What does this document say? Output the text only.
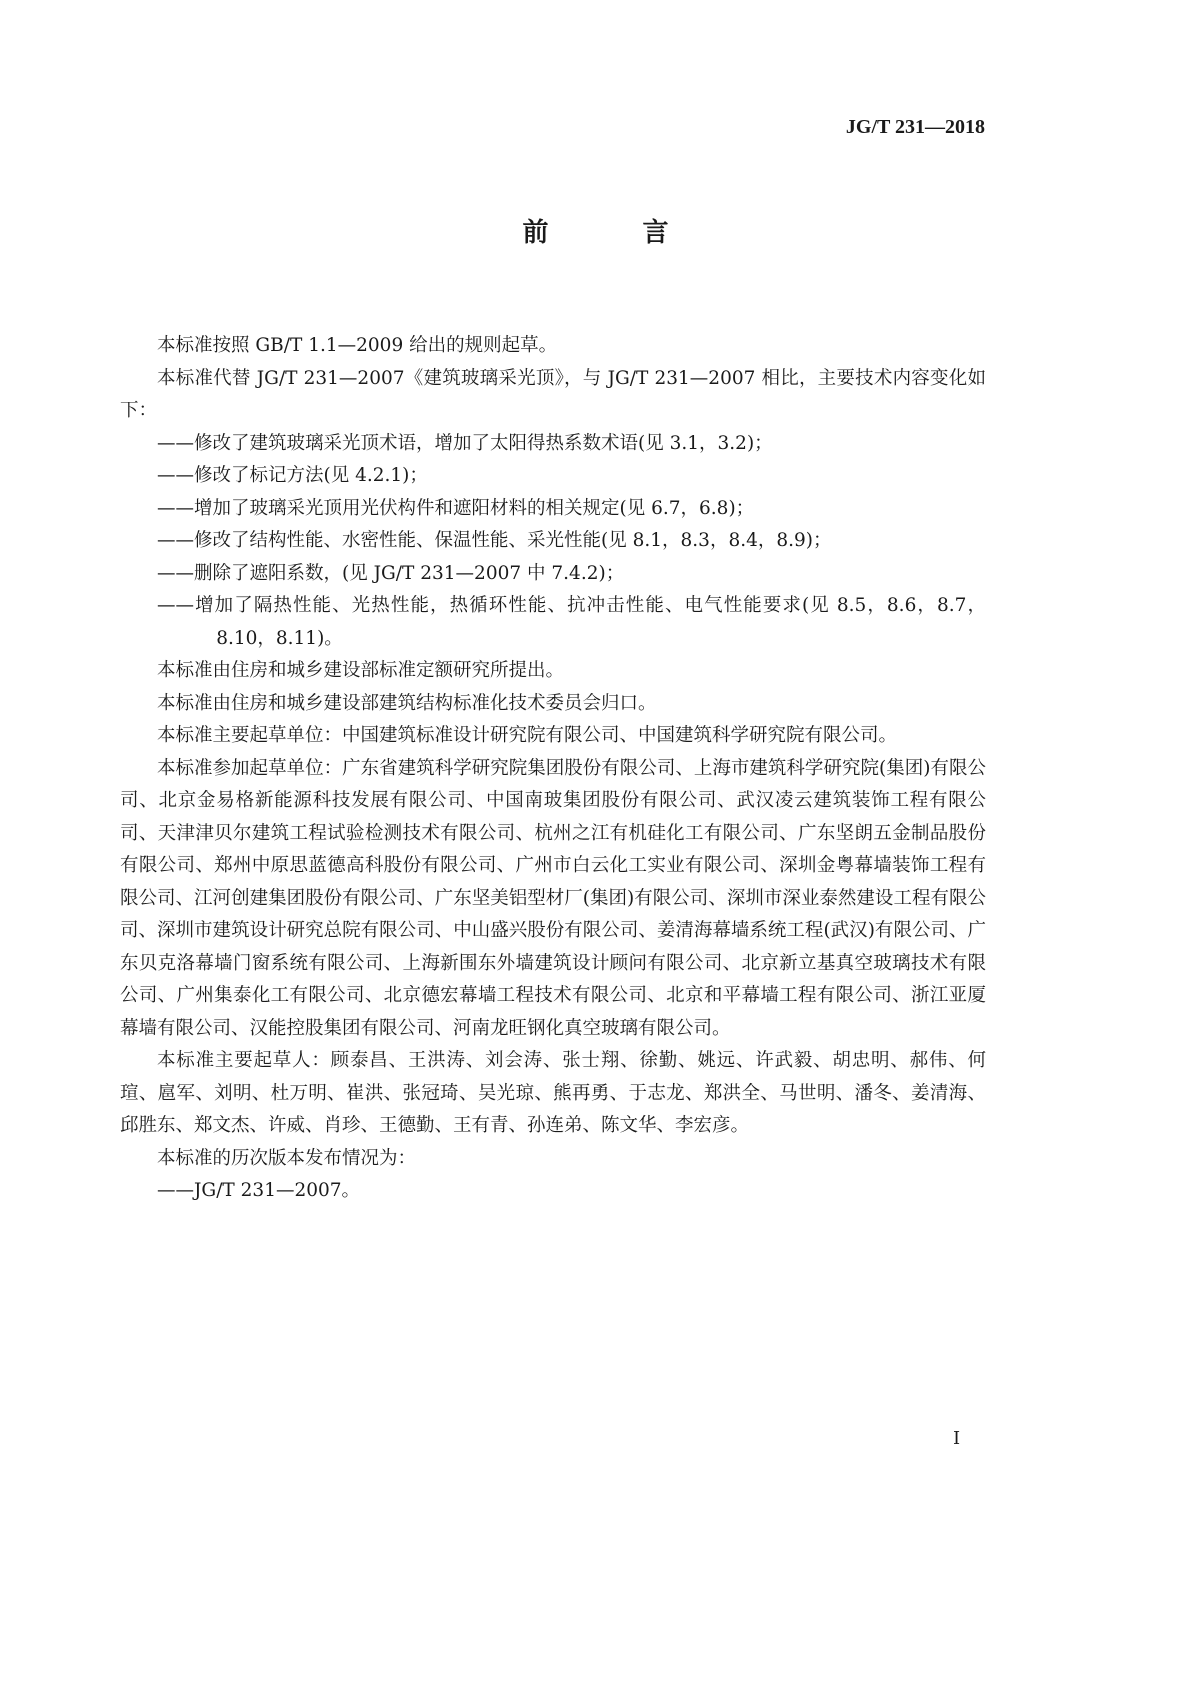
JG/T 231—2018
前　言

本标准按照 GB/T 1.1—2009 给出的规则起草。

本标准代替 JG/T 231—2007《建筑玻璃采光顶》，与 JG/T 231—2007 相比，主要技术内容变化如下：

——修改了建筑玻璃采光顶术语，增加了太阳得热系数术语(见 3.1，3.2)；

——修改了标记方法(见 4.2.1)；

——增加了玻璃采光顶用光伏构件和遮阳材料的相关规定(见 6.7，6.8)；

——修改了结构性能、水密性能、保温性能、采光性能(见 8.1，8.3，8.4，8.9)；

——删除了遮阳系数，(见 JG/T 231—2007 中 7.4.2)；

——增加了隔热性能、光热性能，热循环性能、抗冲击性能、电气性能要求(见 8.5，8.6，8.7，8.10，8.11)。

本标准由住房和城乡建设部标准定额研究所提出。

本标准由住房和城乡建设部建筑结构标准化技术委员会归口。

本标准主要起草单位：中国建筑标准设计研究院有限公司、中国建筑科学研究院有限公司。

本标准参加起草单位：广东省建筑科学研究院集团股份有限公司、上海市建筑科学研究院(集团)有限公司、北京金易格新能源科技发展有限公司、中国南玻集团股份有限公司、武汉凌云建筑装饰工程有限公司、天津津贝尔建筑工程试验检测技术有限公司、杭州之江有机硅化工有限公司、广东坚朗五金制品股份有限公司、郑州中原思蓝德高科股份有限公司、广州市白云化工实业有限公司、深圳金粤幕墙装饰工程有限公司、江河创建集团股份有限公司、广东坚美铝型材厂(集团)有限公司、深圳市深业泰然建设工程有限公司、深圳市建筑设计研究总院有限公司、中山盛兴股份有限公司、姜清海幕墙系统工程(武汉)有限公司、广东贝克洛幕墙门窗系统有限公司、上海新围东外墙建筑设计顾问有限公司、北京新立基真空玻璃技术有限公司、广州集泰化工有限公司、北京德宏幕墙工程技术有限公司、北京和平幕墙工程有限公司、浙江亚厦幕墙有限公司、汉能控股集团有限公司、河南龙旺钢化真空玻璃有限公司。

本标准主要起草人：顾泰昌、王洪涛、刘会涛、张士翔、徐勤、姚远、许武毅、胡忠明、郝伟、何瑄、扈军、刘明、杜万明、崔洪、张冠琦、吴光琼、熊再勇、于志龙、郑洪全、马世明、潘冬、姜清海、邱胜东、郑文杰、许威、肖珍、王德勤、王有青、孙连弟、陈文华、李宏彦。

本标准的历次版本发布情况为：

——JG/T 231—2007。

I
